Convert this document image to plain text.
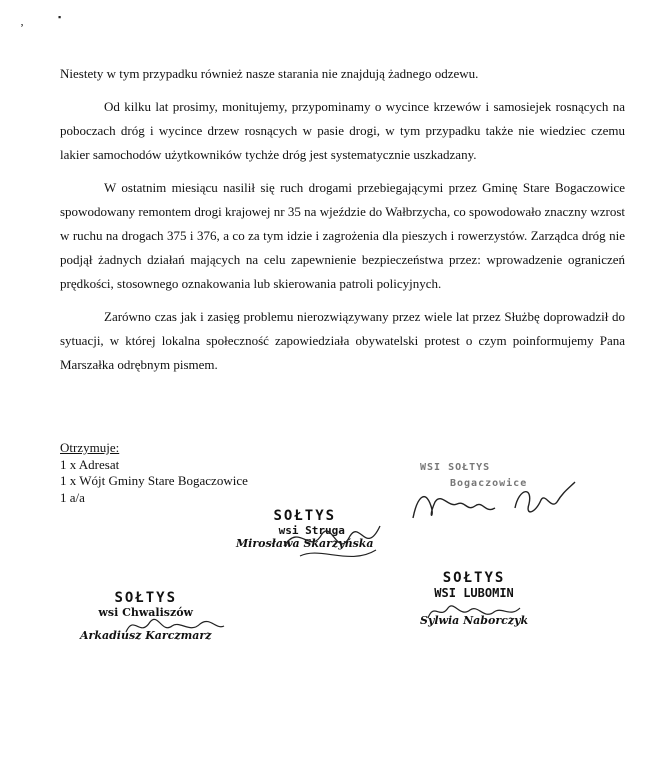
‚	▪

Niestety w tym przypadku również nasze starania nie znajdują żadnego odzewu.

Od kilku lat prosimy, monitujemy, przypominamy o wycince krzewów i samosiejek rosnących na poboczach dróg i wycince drzew rosnących w pasie drogi, w tym przypadku także nie wiedziec czemu lakier samochodów użytkowników tychże dróg jest systematycznie uszkadzany.

W ostatnim miesiącu nasilił się ruch drogami przebiegającymi przez Gminę Stare Bogaczowice spowodowany remontem drogi krajowej nr 35 na wjeździe do Wałbrzycha, co spowodowało znaczny wzrost w ruchu na drogach 375 i 376, a co za tym idzie i zagrożenia dla pieszych i rowerzystów. Zarządca dróg nie podjął żadnych działań mających na celu zapewnienie bezpieczeństwa przez: wprowadzenie ograniczeń prędkości, stosownego oznakowania lub skierowania patroli policyjnych.

Zarówno czas jak i zasięg problemu nierozwiązywany przez wiele lat przez Służbę doprowadził do sytuacji, w której lokalna społeczność zapowiedziała obywatelski protest o czym poinformujemy Pana Marszałka odrębnym pismem.

Otrzymuje:
1 x Adresat
1 x Wójt Gminy Stare Bogaczowice
1 a/a
WSI SOŁTYS
Bogaczowice
SOŁTYS
wsi Struga
Mirosława Skarzyńska
SOŁTYS
wsi Chwaliszów
Arkadiusz Karczmarz
SOŁTYS
WSI LUBOMIN
Sylwia Naborczyk
